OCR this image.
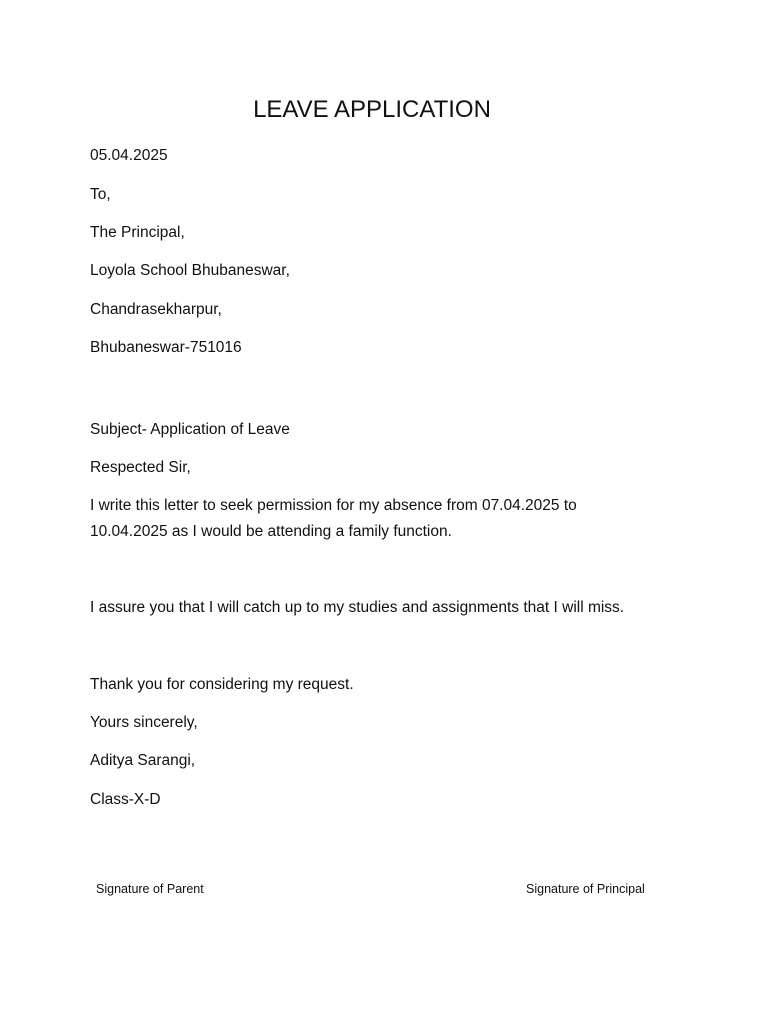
LEAVE APPLICATION
05.04.2025
To,
The Principal,
Loyola School Bhubaneswar,
Chandrasekharpur,
Bhubaneswar-751016
Subject- Application of Leave
Respected Sir,
I write this letter to seek permission for my absence from 07.04.2025 to
10.04.2025 as I would be attending a family function.
I assure you that I will catch up to my studies and assignments that I will miss.
Thank you for considering my request.
Yours sincerely,
Aditya Sarangi,
Class-X-D
Signature of Parent	Signature of Principal
